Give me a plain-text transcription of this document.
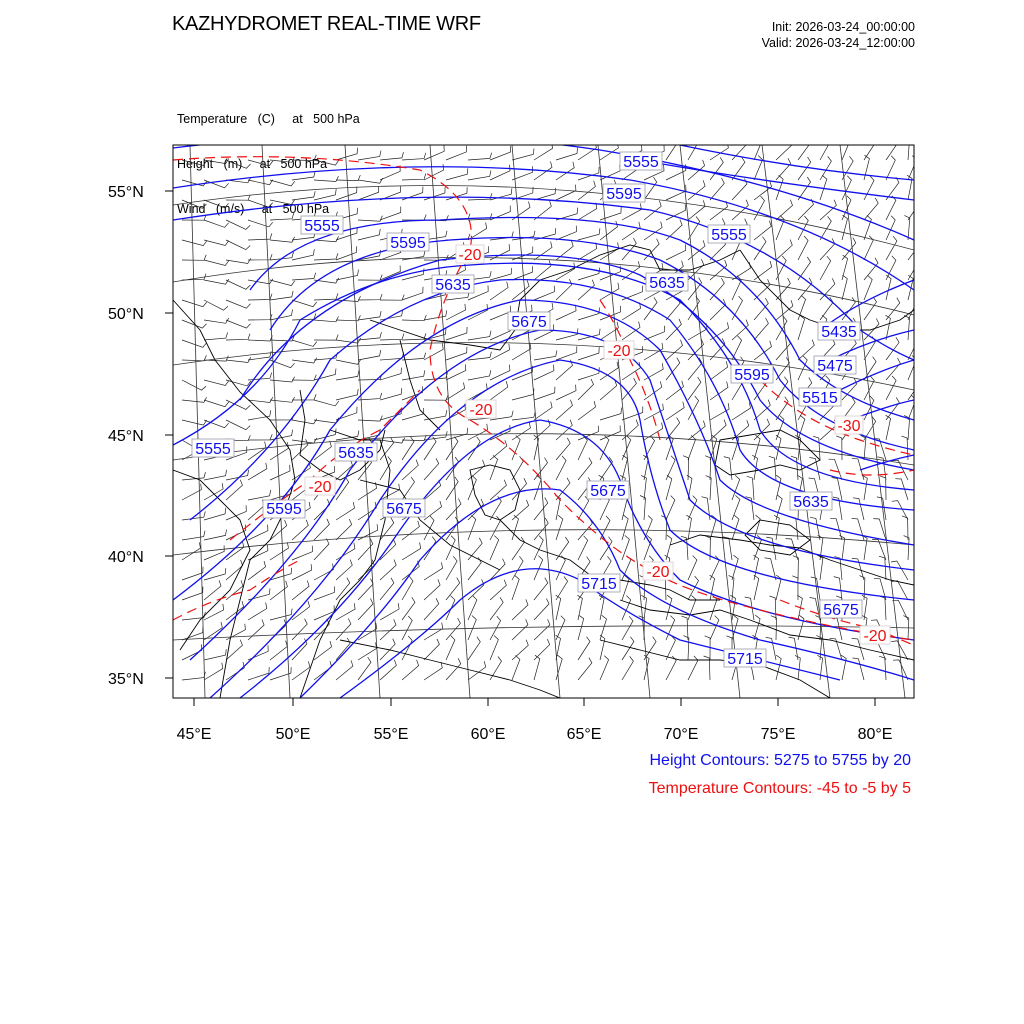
KAZHYDROMET REAL-TIME WRF	Init: 2026-03-24_00:00:00
Valid: 2026-03-24_12:00:00

Temperature   (C)     at   500 hPa

Height   (m)     at   500 hPa

Wind   (m/s)     at   500 hPa

55°N
50°N
45°N
40°N
35°N
45°E	50°E	55°E	60°E	65°E	70°E	75°E	80°E
5555
5595
5595
5555
5555
5635	5635
5675
5435
5475
5515
5595
5555	5635
5595	5675
5675
5635
5715
5675
5715
-20
-20
-20
-20
-30
-20
-20
Height Contours: 5275 to 5755 by 20
Temperature Contours: -45 to -5 by 5
